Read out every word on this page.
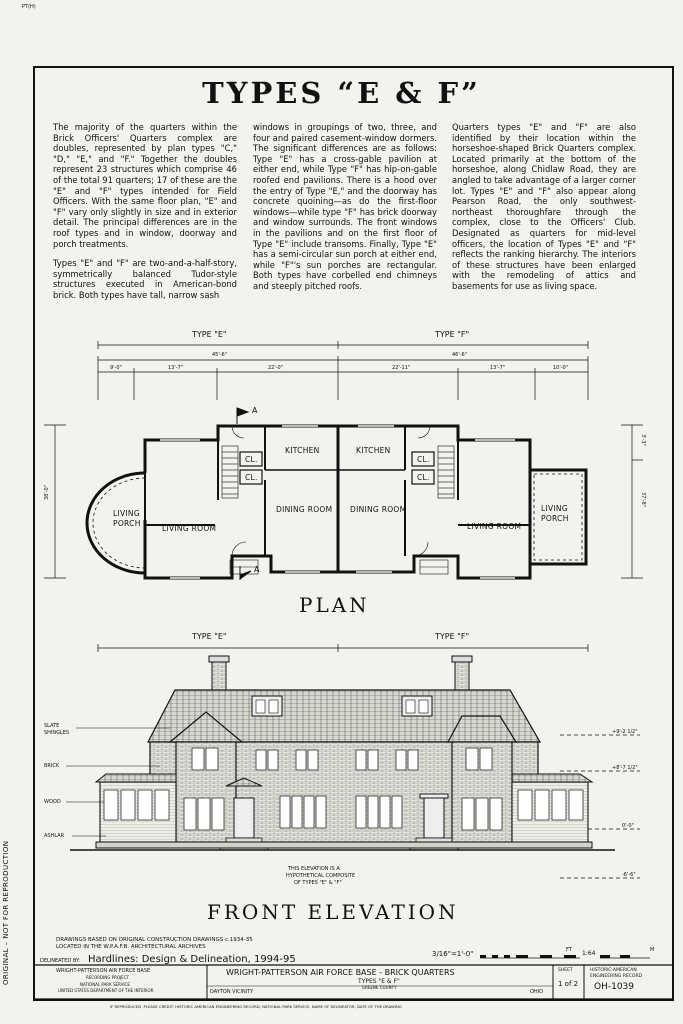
PT(H)
ORIGINAL – NOT FOR REPRODUCTION
TYPES “E & F”

The majority of the quarters within the Brick Officers' Quarters complex are doubles, represented by plan types "C," "D," "E," and "F." Together the doubles represent 23 structures which comprise 46 of the total 91 quarters; 17 of these are the "E" and "F" types intended for Field Officers. With the same floor plan, "E" and "F" vary only slightly in size and in exterior detail. The principal differences are in the roof types and in window, doorway and porch treatments.

Types "E" and "F" are two-and-a-half-story, symmetrically balanced Tudor-style structures executed in American-bond brick. Both types have tall, narrow sash

windows in groupings of two, three, and four and paired casement-window dormers. The significant differences are as follows: Type "E" has a cross-gable pavilion at either end, while Type "F" has hip-on-gable roofed end pavilions. There is a hood over the entry of Type "E," and the doorway has concrete quoining—as do the first-floor windows—while type "F" has brick doorway and window surrounds. The front windows in the pavilions and on the first floor of Type "E" include transoms. Finally, Type "E" has a semi-circular sun porch at either end, while "F"'s sun porches are rectangular. Both types have corbelled end chimneys and steeply pitched roofs.

Quarters types "E" and "F" are also identified by their location within the horseshoe-shaped Brick Quarters complex. Located primarily at the bottom of the horseshoe, along Chidlaw Road, they are angled to take advantage of a larger corner lot. Types "E" and "F" also appear along Pearson Road, the only southwest-northeast thoroughfare through the complex, close to the Officers' Club. Designated as quarters for mid-level officers, the location of Types "E" and "F" reflects the ranking hierarchy. The interiors of these structures have been enlarged with the remodeling of attics and basements for use as living space.

TYPE "E"	TYPE "F"
45'-6"	46'-6"
9'-0"	13'-7"	22'-0"	22'-11"	13'-7"	10'-0"
38'-0"	37'-8"
3'-3"
LIVING
PORCH
LIVING ROOM
KITCHEN
DINING ROOM
CL.
CL.
KITCHEN
DINING ROOM
CL.
CL.
LIVING ROOM
LIVING
PORCH
A
A
PLAN
TYPE "E"	TYPE "F"
SLATE
SHINGLES
BRICK
WOOD
ASHLAR
+9'-2 1/2"
+8'-7 1/2"
0'-0"
-6'-6"
THIS ELEVATION IS A
HYPOTHETICAL COMPOSITE
OF TYPES "E" & "F"
FRONT ELEVATION
DRAWINGS BASED ON ORIGINAL CONSTRUCTION DRAWINGS c.1934-35
LOCATED IN THE W.P.A.F.B. ARCHITECTURAL ARCHIVES
DELINEATED BY: Hardlines: Design & Delineation, 1994-95	3/16"=1'-0"	1:64
FT	M
WRIGHT-PATTERSON AIR FORCE BASE
RECORDING PROJECT
NATIONAL PARK SERVICE
UNITED STATES DEPARTMENT OF THE INTERIOR
WRIGHT-PATTERSON AIR FORCE BASE - BRICK QUARTERS
TYPES "E & F"
GREENE COUNTY
DAYTON VICINITY	OHIO
SHEET
1 of 2
HISTORIC AMERICAN
ENGINEERING RECORD
OH-1039
IF REPRODUCED, PLEASE CREDIT: HISTORIC AMERICAN ENGINEERING RECORD, NATIONAL PARK SERVICE, NAME OF DELINEATOR, DATE OF THE DRAWING
